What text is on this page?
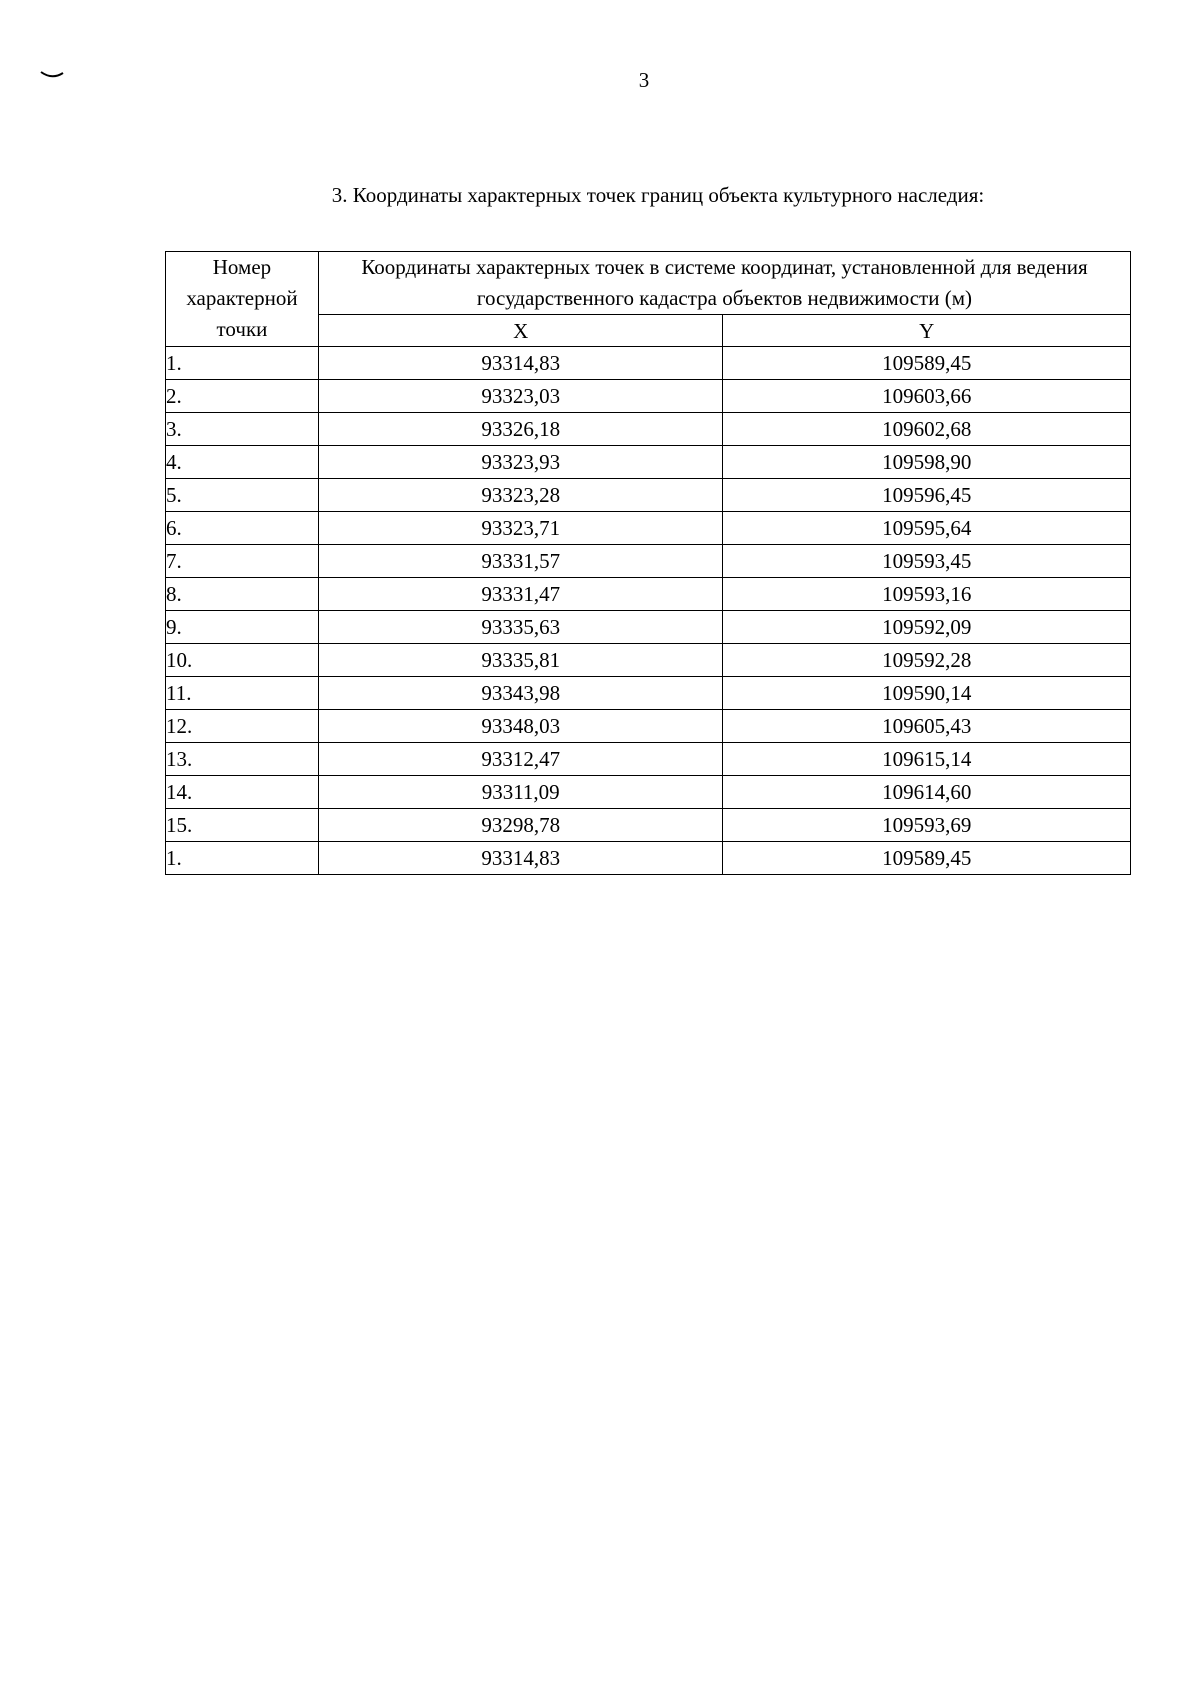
3
3. Координаты характерных точек границ объекта культурного наследия:
Номер характерной точки	Координаты характерных точек в системе координат, установленной для ведения государственного кадастра объектов недвижимости (м)	
	X	Y
1.	93314,83	109589,45
2.	93323,03	109603,66
3.	93326,18	109602,68
4.	93323,93	109598,90
5.	93323,28	109596,45
6.	93323,71	109595,64
7.	93331,57	109593,45
8.	93331,47	109593,16
9.	93335,63	109592,09
10.	93335,81	109592,28
11.	93343,98	109590,14
12.	93348,03	109605,43
13.	93312,47	109615,14
14.	93311,09	109614,60
15.	93298,78	109593,69
1.	93314,83	109589,45
